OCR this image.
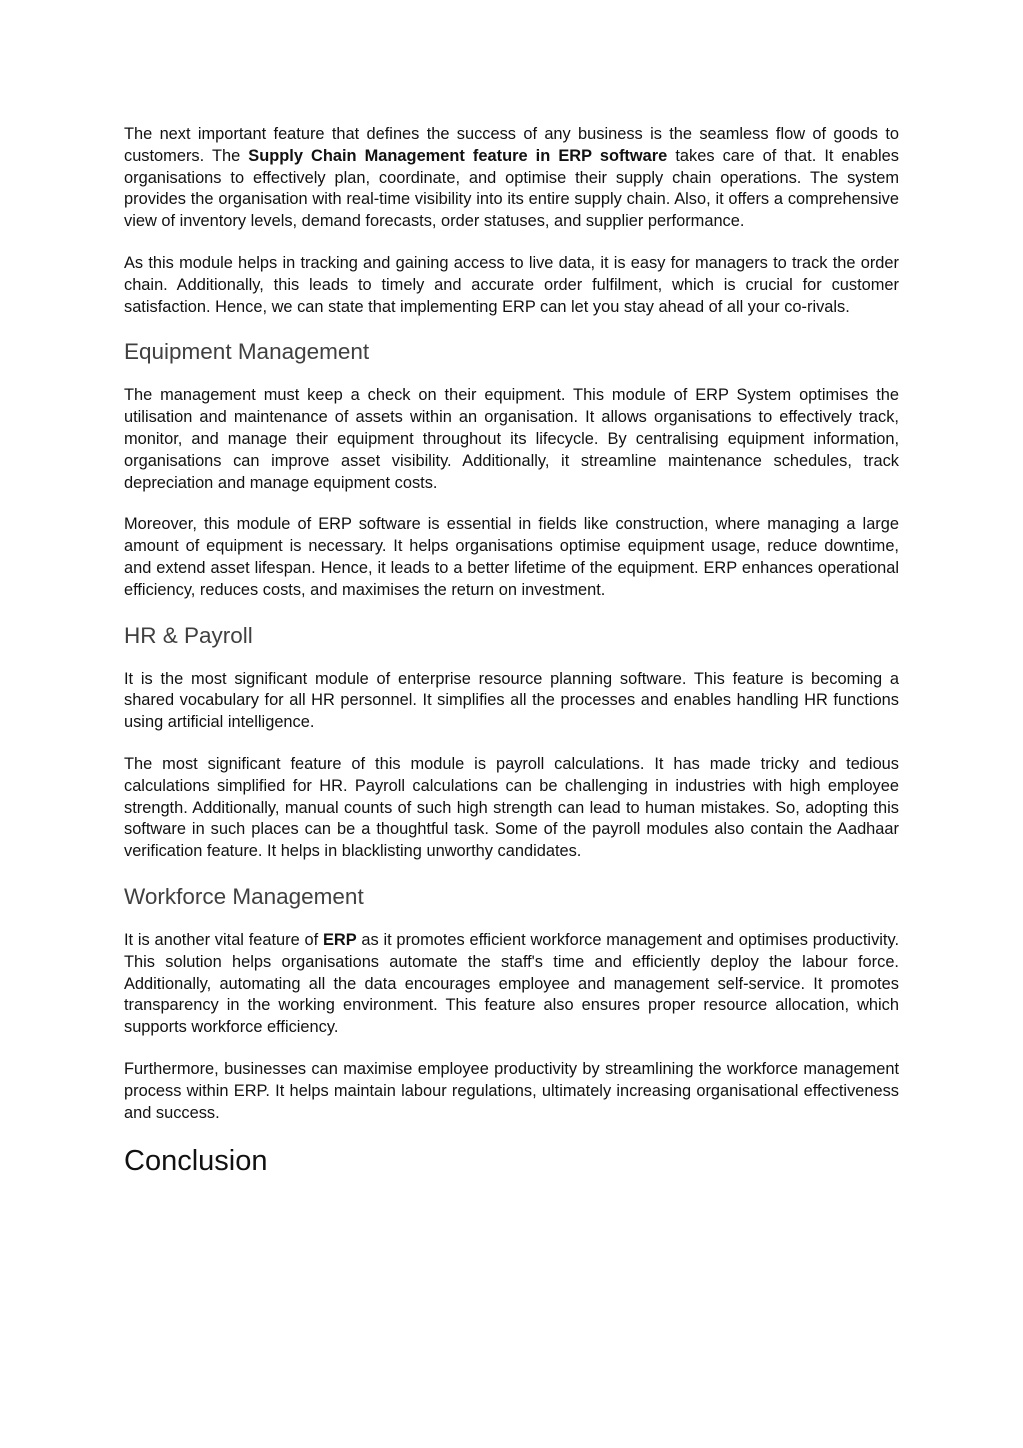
The next important feature that defines the success of any business is the seamless flow of goods to customers. The Supply Chain Management feature in ERP software takes care of that. It enables organisations to effectively plan, coordinate, and optimise their supply chain operations. The system provides the organisation with real-time visibility into its entire supply chain. Also, it offers a comprehensive view of inventory levels, demand forecasts, order statuses, and supplier performance.

As this module helps in tracking and gaining access to live data, it is easy for managers to track the order chain. Additionally, this leads to timely and accurate order fulfilment, which is crucial for customer satisfaction. Hence, we can state that implementing ERP can let you stay ahead of all your co-rivals.

Equipment Management

The management must keep a check on their equipment. This module of ERP System optimises the utilisation and maintenance of assets within an organisation. It allows organisations to effectively track, monitor, and manage their equipment throughout its lifecycle. By centralising equipment information, organisations can improve asset visibility. Additionally, it streamline maintenance schedules, track depreciation and manage equipment costs.

Moreover, this module of ERP software is essential in fields like construction, where managing a large amount of equipment is necessary. It helps organisations optimise equipment usage, reduce downtime, and extend asset lifespan. Hence, it leads to a better lifetime of the equipment. ERP enhances operational efficiency, reduces costs, and maximises the return on investment.

HR & Payroll

It is the most significant module of enterprise resource planning software. This feature is becoming a shared vocabulary for all HR personnel. It simplifies all the processes and enables handling HR functions using artificial intelligence.

The most significant feature of this module is payroll calculations. It has made tricky and tedious calculations simplified for HR. Payroll calculations can be challenging in industries with high employee strength. Additionally, manual counts of such high strength can lead to human mistakes. So, adopting this software in such places can be a thoughtful task. Some of the payroll modules also contain the Aadhaar verification feature. It helps in blacklisting unworthy candidates.

Workforce Management

It is another vital feature of ERP as it promotes efficient workforce management and optimises productivity. This solution helps organisations automate the staff's time and efficiently deploy the labour force. Additionally, automating all the data encourages employee and management self-service. It promotes transparency in the working environment. This feature also ensures proper resource allocation, which supports workforce efficiency.

Furthermore, businesses can maximise employee productivity by streamlining the workforce management process within ERP. It helps maintain labour regulations, ultimately increasing organisational effectiveness and success.

Conclusion
